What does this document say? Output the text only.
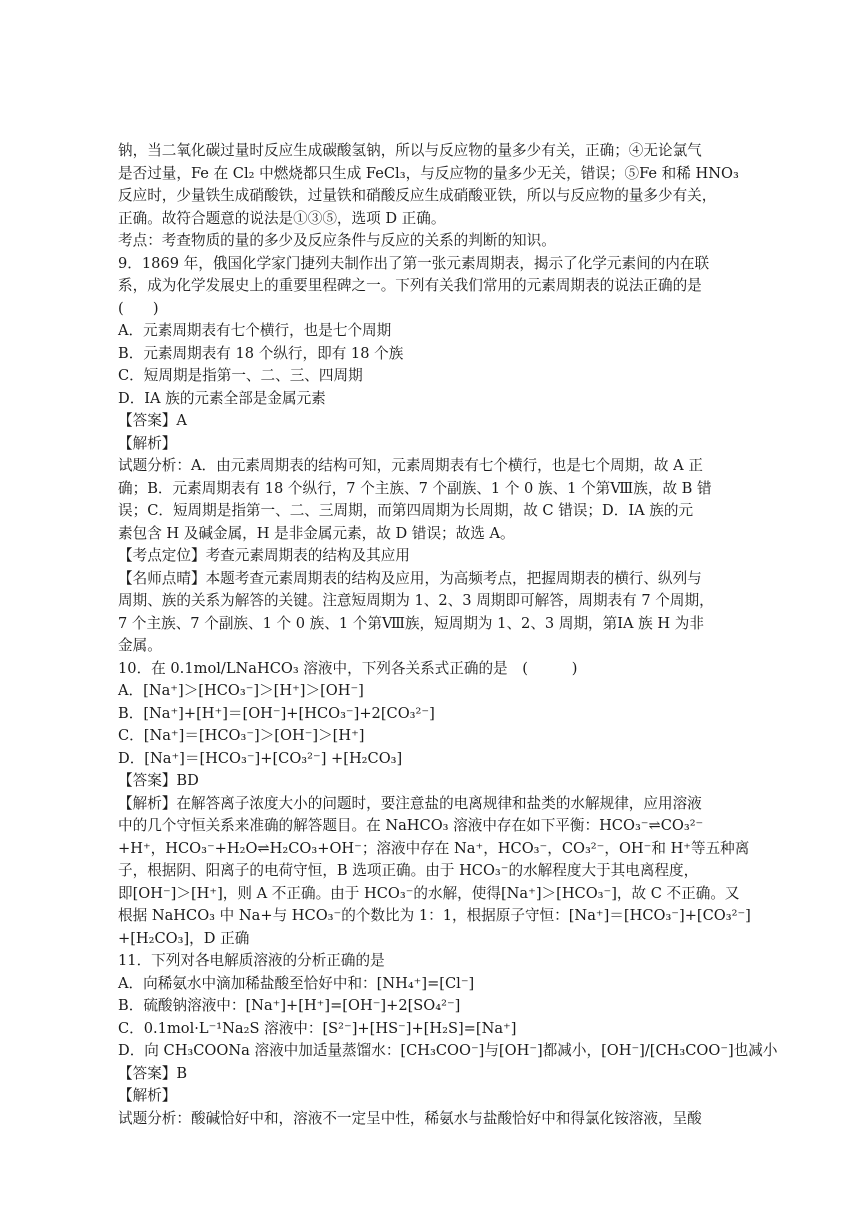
钠，当二氧化碳过量时反应生成碳酸氢钠，所以与反应物的量多少有关，正确；④无论氯气
是否过量，Fe 在 Cl₂ 中燃烧都只生成 FeCl₃，与反应物的量多少无关，错误；⑤Fe 和稀 HNO₃
反应时，少量铁生成硝酸铁，过量铁和硝酸反应生成硝酸亚铁，所以与反应物的量多少有关，
正确。故符合题意的说法是①③⑤，选项 D 正确。
考点：考查物质的量的多少及反应条件与反应的关系的判断的知识。
9．1869 年，俄国化学家门捷列夫制作出了第一张元素周期表，揭示了化学元素间的内在联
系，成为化学发展史上的重要里程碑之一。下列有关我们常用的元素周期表的说法正确的是
(　　)
A．元素周期表有七个横行，也是七个周期
B．元素周期表有 18 个纵行，即有 18 个族
C．短周期是指第一、二、三、四周期
D．ⅠA 族的元素全部是金属元素
【答案】A
【解析】
试题分析：A．由元素周期表的结构可知，元素周期表有七个横行，也是七个周期，故 A 正
确；B．元素周期表有 18 个纵行，7 个主族、7 个副族、1 个 0 族、1 个第Ⅷ族，故 B 错
误；C．短周期是指第一、二、三周期，而第四周期为长周期，故 C 错误；D．ⅠA 族的元
素包含 H 及碱金属，H 是非金属元素，故 D 错误；故选 A。
【考点定位】考查元素周期表的结构及其应用
【名师点晴】本题考查元素周期表的结构及应用，为高频考点，把握周期表的横行、纵列与
周期、族的关系为解答的关键。注意短周期为 1、2、3 周期即可解答，周期表有 7 个周期，
7 个主族、7 个副族、1 个 0 族、1 个第Ⅷ族，短周期为 1、2、3 周期，第ⅠA 族 H 为非
金属。
10．在 0.1mol/LNaHCO₃ 溶液中，下列各关系式正确的是　(　　　)
A．[Na⁺]＞[HCO₃⁻]＞[H⁺]＞[OH⁻]
B．[Na⁺]+[H⁺]＝[OH⁻]+[HCO₃⁻]+2[CO₃²⁻]
C．[Na⁺]＝[HCO₃⁻]＞[OH⁻]＞[H⁺]
D．[Na⁺]＝[HCO₃⁻]+[CO₃²⁻] +[H₂CO₃]
【答案】BD
【解析】在解答离子浓度大小的问题时，要注意盐的电离规律和盐类的水解规律，应用溶液
中的几个守恒关系来准确的解答题目。在 NaHCO₃ 溶液中存在如下平衡：HCO₃⁻⇌CO₃²⁻
+H⁺，HCO₃⁻+H₂O⇌H₂CO₃+OH⁻；溶液中存在 Na⁺，HCO₃⁻，CO₃²⁻，OH⁻和 H⁺等五种离
子，根据阴、阳离子的电荷守恒，B 选项正确。由于 HCO₃⁻的水解程度大于其电离程度，
即[OH⁻]＞[H⁺]，则 A 不正确。由于 HCO₃⁻的水解，使得[Na⁺]＞[HCO₃⁻]，故 C 不正确。又
根据 NaHCO₃ 中 Na+与 HCO₃⁻的个数比为 1：1，根据原子守恒：[Na⁺]＝[HCO₃⁻]+[CO₃²⁻]
+[H₂CO₃]，D 正确
11．下列对各电解质溶液的分析正确的是
A．向稀氨水中滴加稀盐酸至恰好中和：[NH₄⁺]=[Cl⁻]
B．硫酸钠溶液中：[Na⁺]+[H⁺]=[OH⁻]+2[SO₄²⁻]
C．0.1mol·L⁻¹Na₂S 溶液中：[S²⁻]+[HS⁻]+[H₂S]=[Na⁺]
D．向 CH₃COONa 溶液中加适量蒸馏水：[CH₃COO⁻]与[OH⁻]都减小，[OH⁻]/[CH₃COO⁻]也减小
【答案】B
【解析】
试题分析：酸碱恰好中和，溶液不一定呈中性，稀氨水与盐酸恰好中和得氯化铵溶液，呈酸
